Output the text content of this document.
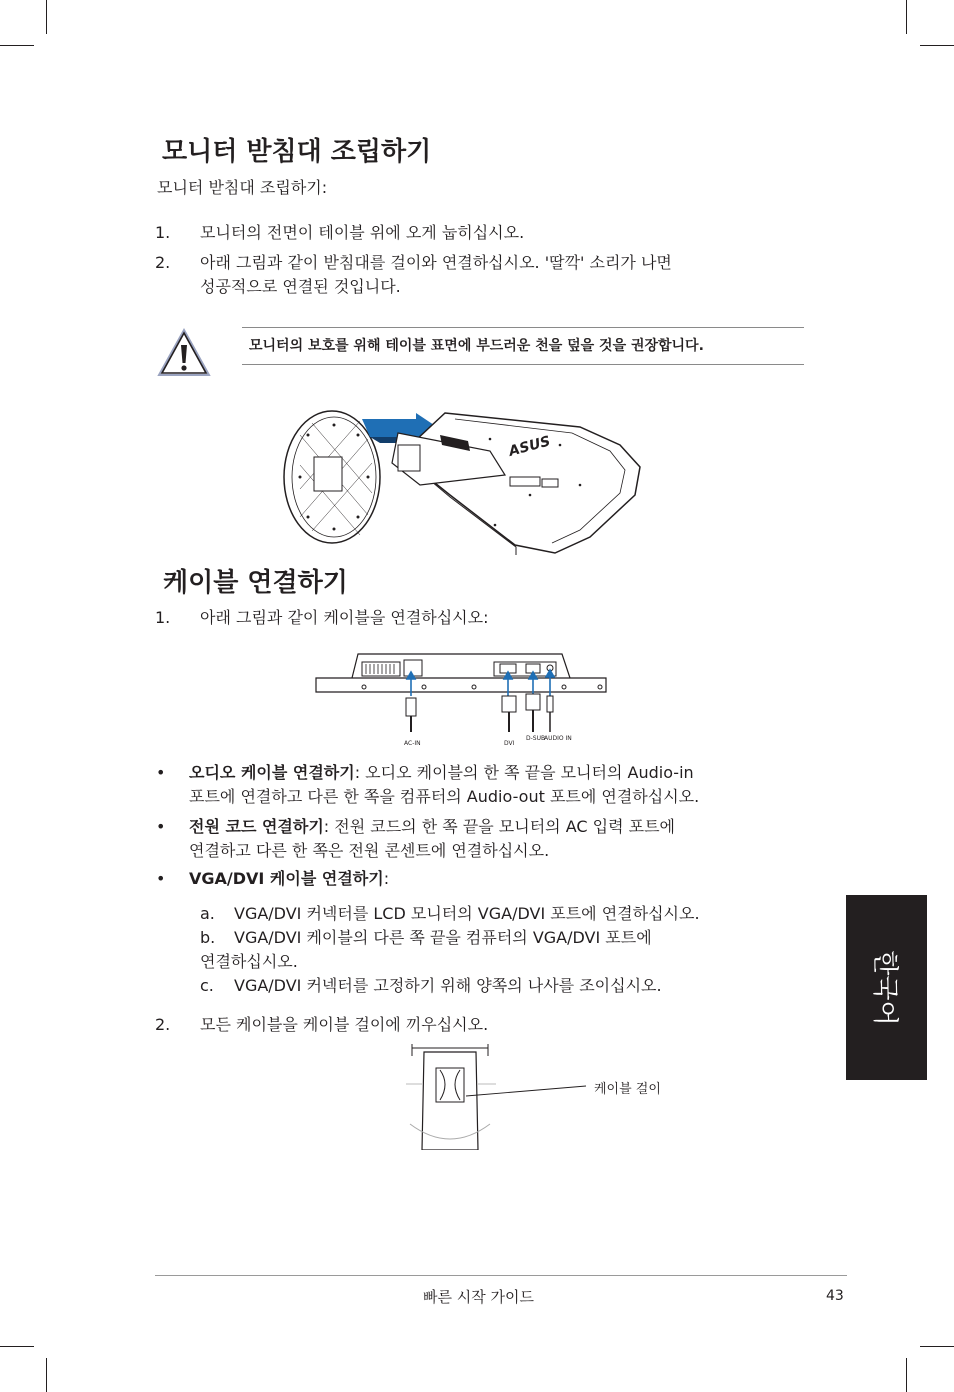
모니터 받침대 조립하기
모니터 받침대 조립하기:
1. 모니터의 전면이 테이블 위에 오게 눕히십시오.
2. 아래 그림과 같이 받침대를 걸이와 연결하십시오. '딸깍' 소리가 나면
성공적으로 연결된 것입니다.
모니터의 보호를 위해 테이블 표면에 부드러운 천을 덮을 것을 권장합니다.
ASUS
케이블 연결하기
1. 아래 그림과 같이 케이블을 연결하십시오:
AC-IN	DVI
D-SUB
AUDIO IN
• 오디오 케이블 연결하기: 오디오 케이블의 한 쪽 끝을 모니터의 Audio-in
포트에 연결하고 다른 한 쪽을 컴퓨터의 Audio-out 포트에 연결하십시오.
• 전원 코드 연결하기: 전원 코드의 한 쪽 끝을 모니터의 AC 입력 포트에
연결하고 다른 한 쪽은 전원 콘센트에 연결하십시오.
• VGA/DVI 케이블 연결하기:
a. VGA/DVI 커넥터를 LCD 모니터의 VGA/DVI 포트에 연결하십시오.
b. VGA/DVI 케이블의 다른 쪽 끝을 컴퓨터의 VGA/DVI 포트에
연결하십시오.
c. VGA/DVI 커넥터를 고정하기 위해 양쪽의 나사를 조이십시오.
2. 모든 케이블을 케이블 걸이에 끼우십시오.
케이블 걸이
한국어
빠른 시작 가이드	43
